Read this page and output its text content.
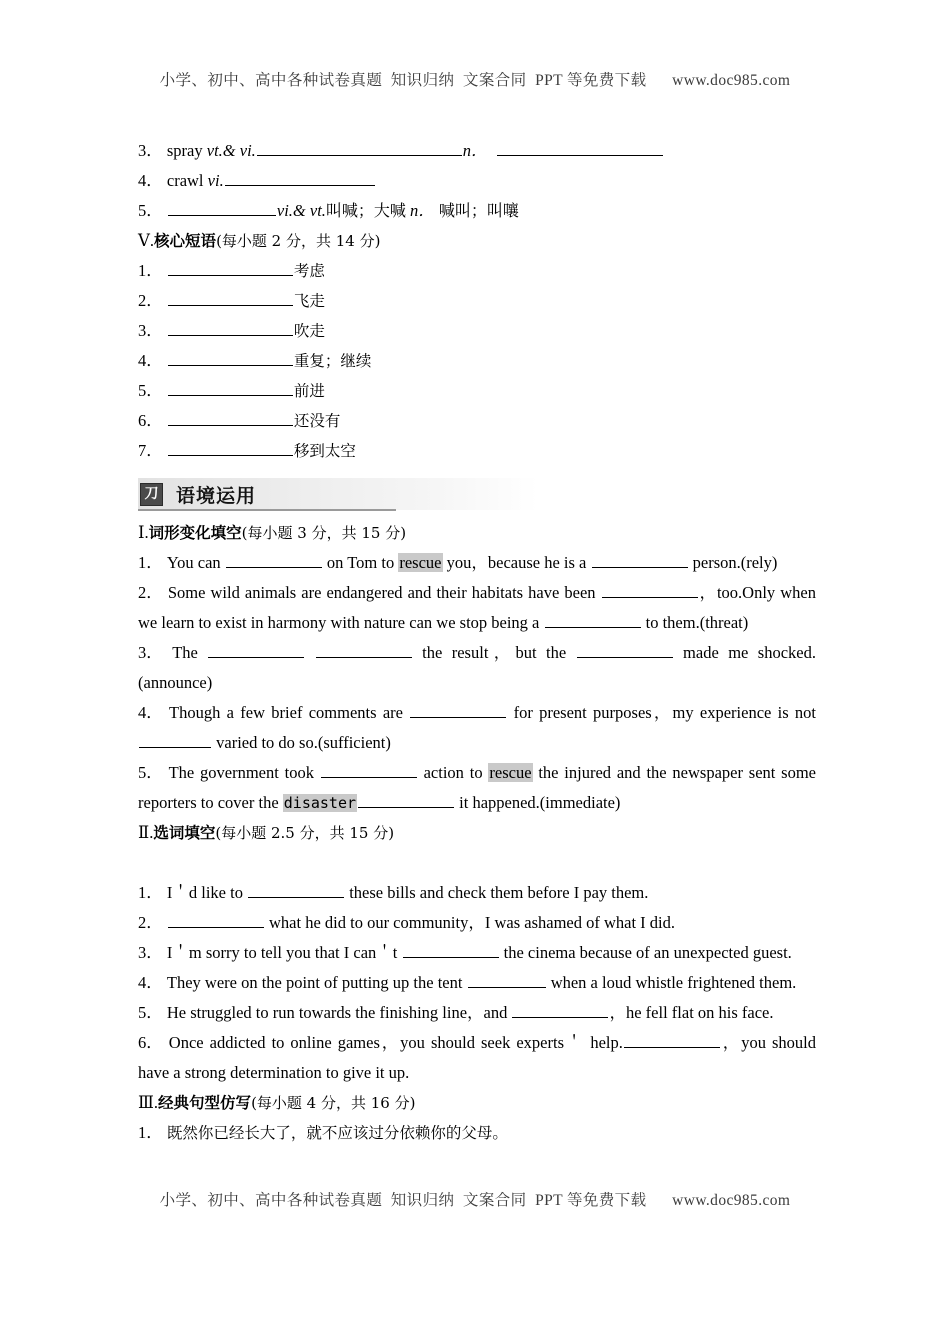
小学、初中、高中各种试卷真题  知识归纳  文案合同  PPT 等免费下载      www.doc985.com

3． spray vt.& vi.	n．

4． crawl vi.

5．	vi.& vt.叫喊；大喊 n． 喊叫；叫嚷

Ⅴ.核心短语(每小题 2 分，共 14 分)

1．	考虑

2．	飞走

3．	吹走

4．	重复；继续

5．	前进

6．	还没有

7．	移到太空

刀 语境运用

Ⅰ.词形变化填空(每小题 3 分，共 15 分)

1． You can	on Tom to rescue you，because he is a	person.(rely)

2． Some wild animals are endangered and their habitats have been	，too.Only when we learn to exist in harmony with nature can we stop being a	to them.(threat)

3． The	the result，but the	made me shocked. (announce)

4． Though a few brief comments are	for present purposes，my experience is not  varied to do so.(sufficient)

5． The government took	action to rescue the injured and the newspaper sent some reporters to cover the disaster	it happened.(immediate)

Ⅱ.选词填空(每小题 2.5 分，共 15 分)

1． I＇d like to	these bills and check them before I pay them.

2．	what he did to our community，I was ashamed of what I did.

3． I＇m sorry to tell you that I can＇t	the cinema because of an unexpected guest.

4． They were on the point of putting up the tent	when a loud whistle frightened them.

5． He struggled to run towards the finishing line，and	，he fell flat on his face.

6． Once addicted to online games，you should seek experts＇ help.	，you should have a strong determination to give it up.

Ⅲ.经典句型仿写(每小题 4 分，共 16 分)

1． 既然你已经长大了，就不应该过分依赖你的父母。

小学、初中、高中各种试卷真题  知识归纳  文案合同  PPT 等免费下载      www.doc985.com
